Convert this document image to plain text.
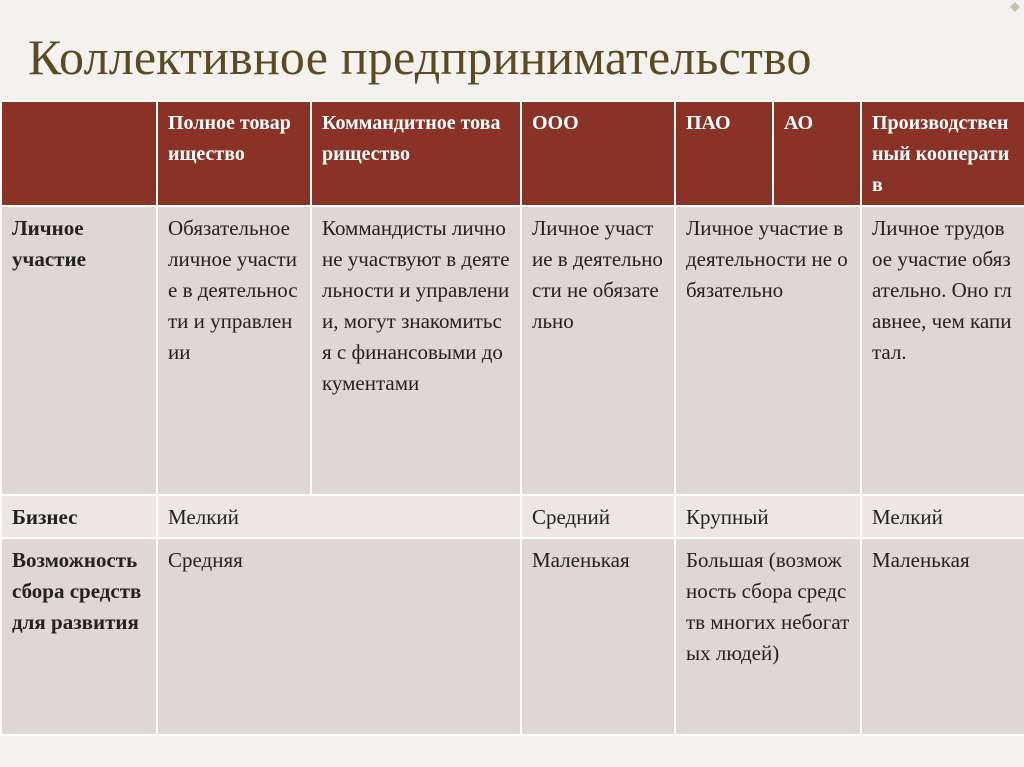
Коллективное предпринимательство
	Полное товарищество	Коммандитное товарищество	ООО	ПАО	АО	Производственный кооператив
Личное участие	Обязательное личное участие в деятельности и управлении	Коммандисты лично не участвуют в деятельности и управлении, могут знакомиться с финансовыми документами	Личное участие в деятельности не обязательно	Личное участие в деятельности не обязательно		Личное трудовое участие обязательно. Оно главнее, чем капитал.
Бизнес	Мелкий		Средний	Крупный		Мелкий
Возможность сбора средств для развития	Средняя		Маленькая	Большая (возможность сбора средств многих небогатых людей)		Маленькая
